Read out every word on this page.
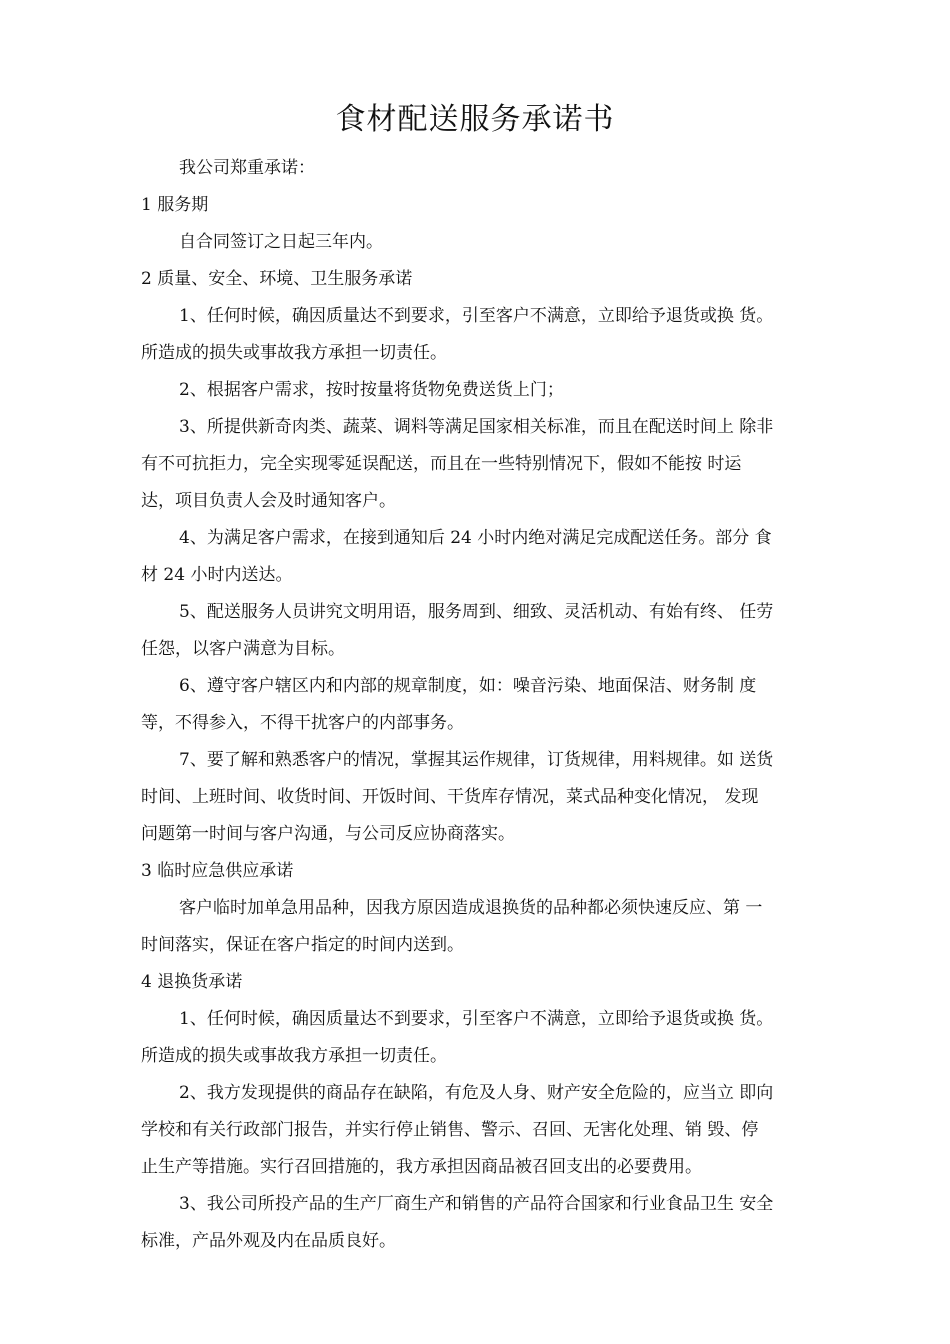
食材配送服务承诺书
我公司郑重承诺：
1 服务期
自合同签订之日起三年内。
2 质量、安全、环境、卫生服务承诺
1、任何时候，确因质量达不到要求，引至客户不满意，立即给予退货或换 货。
所造成的损失或事故我方承担一切责任。
2、根据客户需求，按时按量将货物免费送货上门；
3、所提供新奇肉类、蔬菜、调料等满足国家相关标准，而且在配送时间上 除非
有不可抗拒力，完全实现零延误配送，而且在一些特别情况下，假如不能按 时运
达，项目负责人会及时通知客户。
4、为满足客户需求，在接到通知后 24 小时内绝对满足完成配送任务。部分 食
材 24 小时内送达。
5、配送服务人员讲究文明用语，服务周到、细致、灵活机动、有始有终、 任劳
任怨，以客户满意为目标。
6、遵守客户辖区内和内部的规章制度，如：噪音污染、地面保洁、财务制 度
等，不得参入，不得干扰客户的内部事务。
7、要了解和熟悉客户的情况，掌握其运作规律，订货规律，用料规律。如 送货
时间、上班时间、收货时间、开饭时间、干货库存情况，菜式品种变化情况， 发现
问题第一时间与客户沟通，与公司反应协商落实。
3 临时应急供应承诺
客户临时加单急用品种，因我方原因造成退换货的品种都必须快速反应、第 一
时间落实，保证在客户指定的时间内送到。
4 退换货承诺
1、任何时候，确因质量达不到要求，引至客户不满意，立即给予退货或换 货。
所造成的损失或事故我方承担一切责任。
2、我方发现提供的商品存在缺陷，有危及人身、财产安全危险的，应当立 即向
学校和有关行政部门报告，并实行停止销售、警示、召回、无害化处理、销 毁、停
止生产等措施。实行召回措施的，我方承担因商品被召回支出的必要费用。
3、我公司所投产品的生产厂商生产和销售的产品符合国家和行业食品卫生 安全
标准，产品外观及内在品质良好。
